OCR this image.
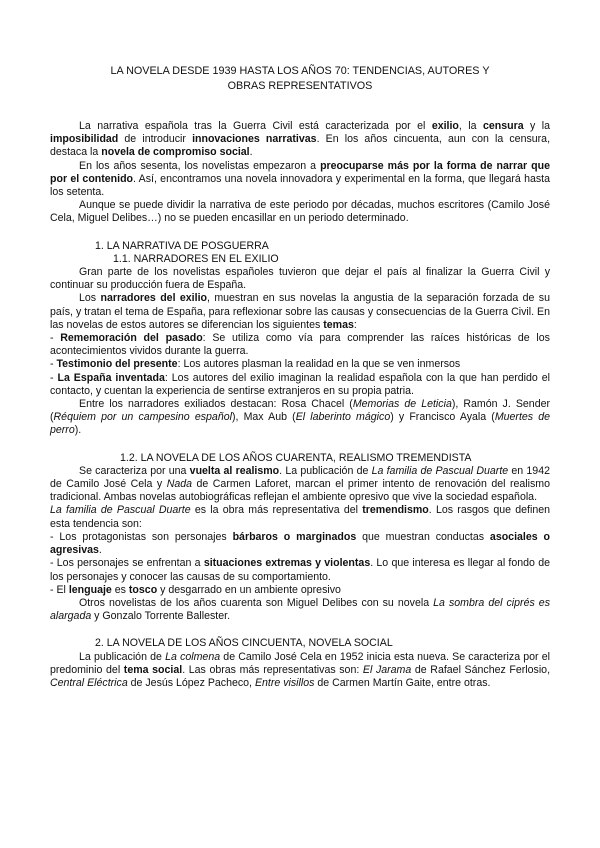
LA NOVELA DESDE 1939 HASTA LOS AÑOS 70: TENDENCIAS, AUTORES Y
OBRAS REPRESENTATIVOS
La narrativa española tras la Guerra Civil está caracterizada por el exilio, la censura y la imposibilidad de introducir innovaciones narrativas. En los años cincuenta, aun con la censura, destaca la novela de compromiso social.
En los años sesenta, los novelistas empezaron a preocuparse más por la forma de narrar que por el contenido. Así, encontramos una novela innovadora y experimental en la forma, que llegará hasta los setenta.
Aunque se puede dividir la narrativa de este periodo por décadas, muchos escritores (Camilo José Cela, Miguel Delibes…) no se pueden encasillar en un periodo determinado.
1. LA NARRATIVA DE POSGUERRA
1.1. NARRADORES EN EL EXILIO
Gran parte de los novelistas españoles tuvieron que dejar el país al finalizar la Guerra Civil y continuar su producción fuera de España.
Los narradores del exilio, muestran en sus novelas la angustia de la separación forzada de su país, y tratan el tema de España, para reflexionar sobre las causas y consecuencias de la Guerra Civil. En las novelas de estos autores se diferencian los siguientes temas:
- Rememoración del pasado: Se utiliza como vía para comprender las raíces históricas de los acontecimientos vividos durante la guerra.
- Testimonio del presente: Los autores plasman la realidad en la que se ven inmersos
- La España inventada: Los autores del exilio imaginan la realidad española con la que han perdido el contacto, y cuentan la experiencia de sentirse extranjeros en su propia patria.
Entre los narradores exiliados destacan: Rosa Chacel (Memorias de Leticia), Ramón J. Sender (Réquiem por un campesino español), Max Aub (El laberinto mágico) y Francisco Ayala (Muertes de perro).
1.2. LA NOVELA DE LOS AÑOS CUARENTA, REALISMO TREMENDISTA
Se caracteriza por una vuelta al realismo. La publicación de La familia de Pascual Duarte en 1942 de Camilo José Cela y Nada de Carmen Laforet, marcan el primer intento de renovación del realismo tradicional. Ambas novelas autobiográficas reflejan el ambiente opresivo que vive la sociedad española.
La familia de Pascual Duarte es la obra más representativa del tremendismo. Los rasgos que definen esta tendencia son:
- Los protagonistas son personajes bárbaros o marginados que muestran conductas asociales o agresivas.
- Los personajes se enfrentan a situaciones extremas y violentas. Lo que interesa es llegar al fondo de los personajes y conocer las causas de su comportamiento.
- El lenguaje es tosco y desgarrado en un ambiente opresivo
Otros novelistas de los años cuarenta son Miguel Delibes con su novela La sombra del ciprés es alargada y Gonzalo Torrente Ballester.
2. LA NOVELA DE LOS AÑOS CINCUENTA, NOVELA SOCIAL
La publicación de La colmena de Camilo José Cela en 1952 inicia esta nueva. Se caracteriza por el predominio del tema social. Las obras más representativas son: El Jarama de Rafael Sánchez Ferlosio, Central Eléctrica de Jesús López Pacheco, Entre visillos de Carmen Martín Gaite, entre otras.
